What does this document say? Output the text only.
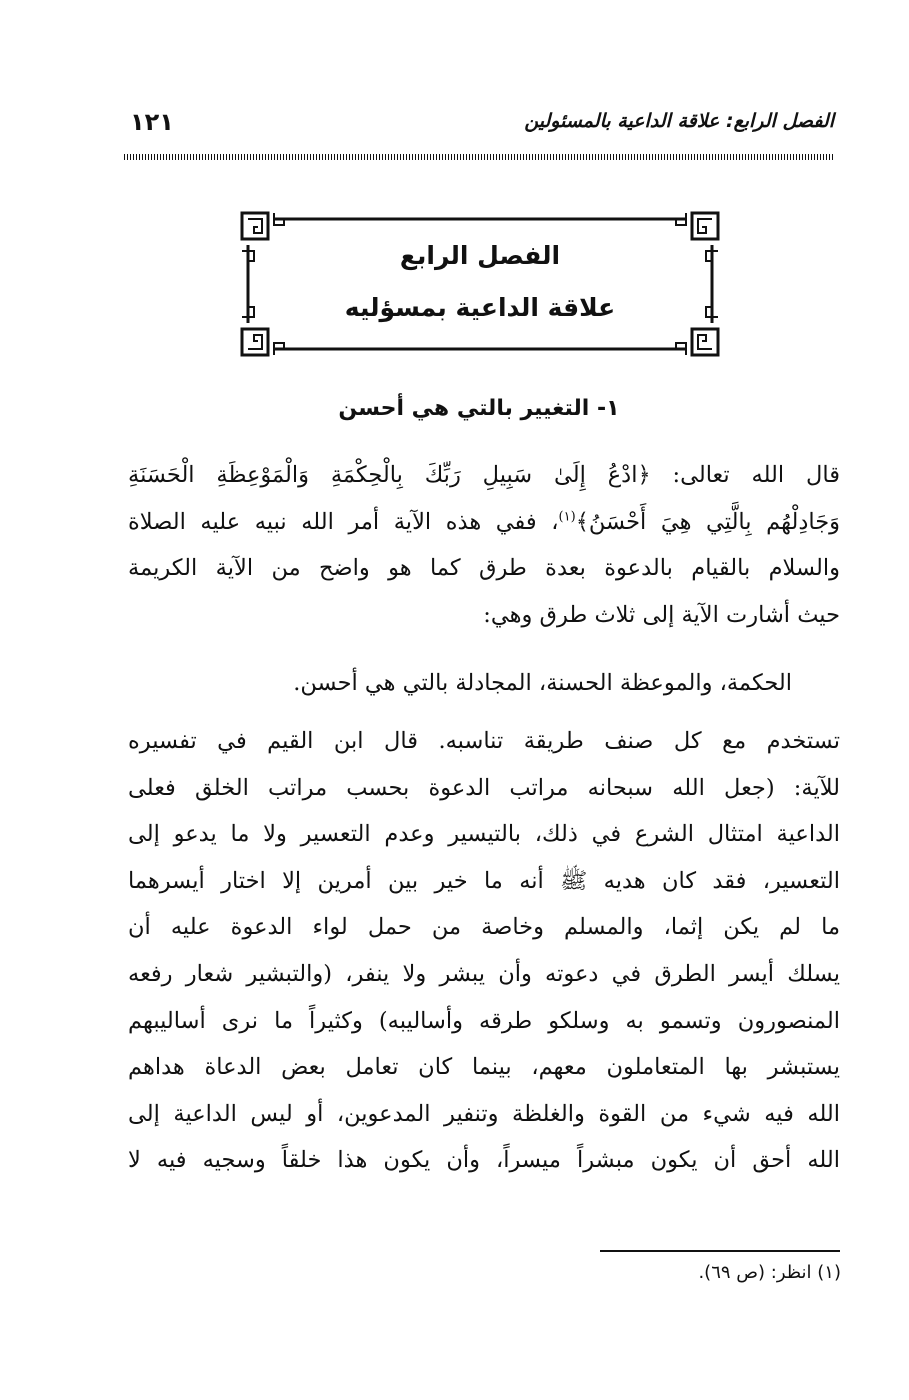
الفصل الرابع: علاقة الداعية بالمسئولين
١٢١
الفصل الرابع
علاقة الداعية بمسؤليه
١- التغيير بالتي هي أحسن
قال الله تعالى: ﴿ادْعُ إِلَىٰ سَبِيلِ رَبِّكَ بِالْحِكْمَةِ وَالْمَوْعِظَةِ الْحَسَنَةِ
وَجَادِلْهُم بِالَّتِي هِيَ أَحْسَنُ﴾$^{(١)}$، ففي هذه الآية أمر الله نبيه عليه الصلاة
والسلام بالقيام بالدعوة بعدة طرق كما هو واضح من الآية الكريمة
حيث أشارت الآية إلى ثلاث طرق وهي:
الحكمة، والموعظة الحسنة، المجادلة بالتي هي أحسن.
تستخدم مع كل صنف طريقة تناسبه. قال ابن القيم في تفسيره
للآية: (جعل الله سبحانه مراتب الدعوة بحسب مراتب الخلق فعلى
الداعية امتثال الشرع في ذلك، بالتيسير وعدم التعسير ولا ما يدعو إلى
التعسير، فقد كان هديه ﷺ أنه ما خير بين أمرين إلا اختار أيسرهما
ما لم يكن إثما، والمسلم وخاصة من حمل لواء الدعوة عليه أن
يسلك أيسر الطرق في دعوته وأن يبشر ولا ينفر، (والتبشير شعار رفعه
المنصورون وتسمو به وسلكو طرقه وأساليبه) وكثيراً ما نرى أساليبهم
يستبشر بها المتعاملون معهم، بينما كان تعامل بعض الدعاة هداهم
الله فيه شيء من القوة والغلظة وتنفير المدعوين، أو ليس الداعية إلى
الله أحق أن يكون مبشراً ميسراً، وأن يكون هذا خلقاً وسجيه فيه لا
(١) انظر: (ص ٦٩).
